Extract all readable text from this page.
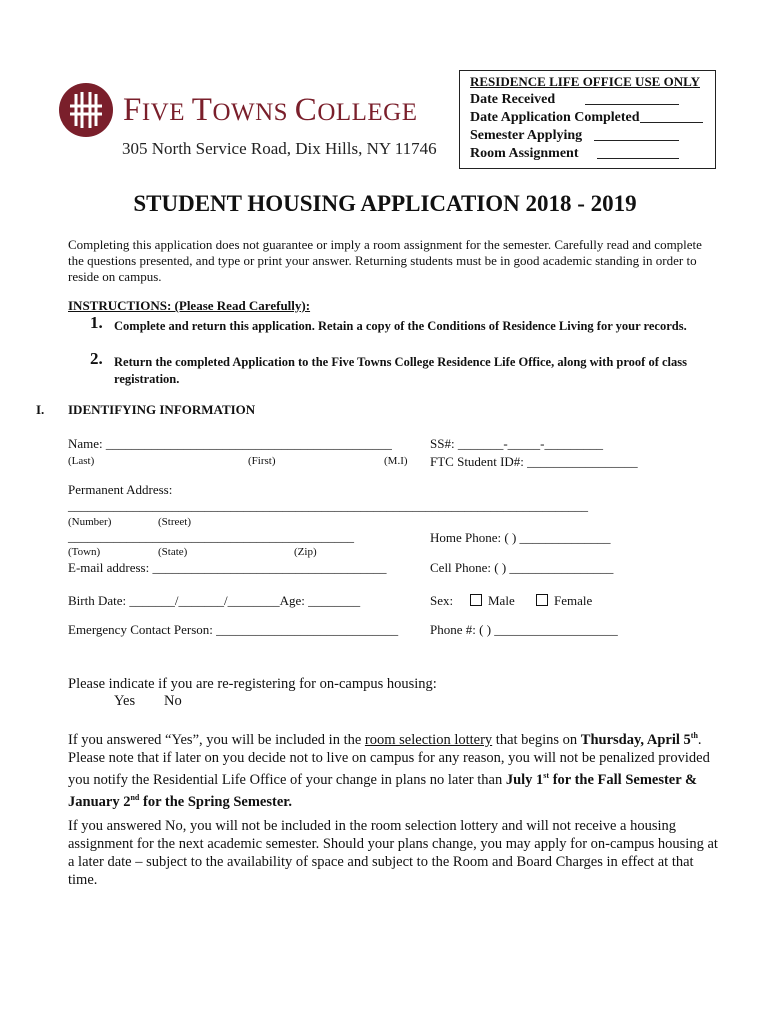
FIVE TOWNS COLLEGE
305 North Service Road, Dix Hills, NY 11746
RESIDENCE LIFE OFFICE USE ONLY
Date Received
Date Application Completed
Semester Applying
Room Assignment
STUDENT HOUSING APPLICATION 2018 - 2019
Completing this application does not guarantee or imply a room assignment for the semester. Carefully read and complete the questions presented, and type or print your answer. Returning students must be in good academic standing in order to reside on campus.
INSTRUCTIONS: (Please Read Carefully):
1. Complete and return this application. Retain a copy of the Conditions of Residence Living for your records.
2. Return the completed Application to the Five Towns College Residence Life Office, along with proof of class registration.
I. IDENTIFYING INFORMATION
Name: ____________________________________________
(Last)	(First)	(M.I)
SS#: _______-_____-_________
FTC Student ID#: _________________
Permanent Address:
________________________________________________________________________________
(Number)	(Street)
____________________________________________
(Town)	(State)	(Zip)
Home Phone: ( ) ______________
E-mail address: ____________________________________	Cell Phone: ( ) ________________
Birth Date: _______/_______/________Age: ________	Sex:	Male	Female
Emergency Contact Person: ____________________________ Phone #: ( ) ___________________
Please indicate if you are re-registering for on-campus housing:
Yes No
If you answered “Yes”, you will be included in the room selection lottery that begins on Thursday, April 5th. Please note that if later on you decide not to live on campus for any reason, you will not be penalized provided you notify the Residential Life Office of your change in plans no later than July 1st for the Fall Semester & January 2nd for the Spring Semester.
If you answered No, you will not be included in the room selection lottery and will not receive a housing assignment for the next academic semester. Should your plans change, you may apply for on-campus housing at a later date – subject to the availability of space and subject to the Room and Board Charges in effect at that time.
